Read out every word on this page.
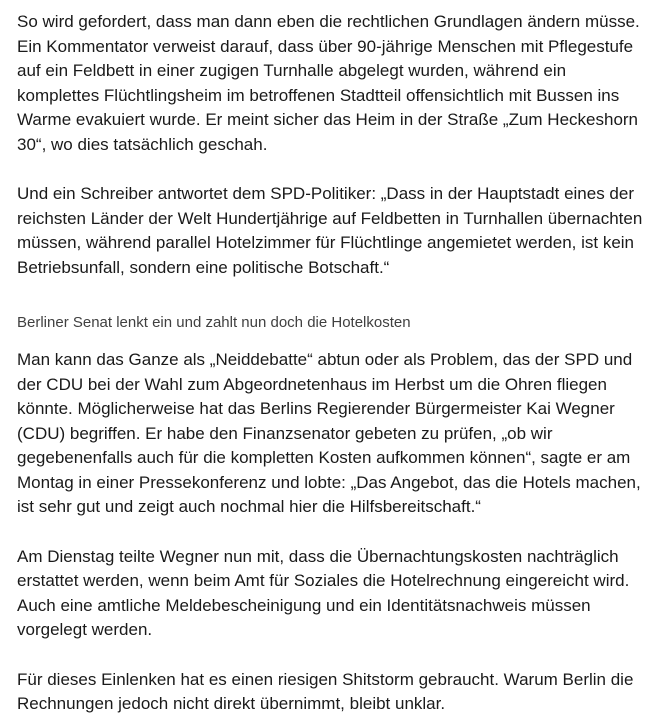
So wird gefordert, dass man dann eben die rechtlichen Grundlagen ändern müsse. Ein Kommentator verweist darauf, dass über 90-jährige Menschen mit Pflegestufe auf ein Feldbett in einer zugigen Turnhalle abgelegt wurden, während ein komplettes Flüchtlingsheim im betroffenen Stadtteil offensichtlich mit Bussen ins Warme evakuiert wurde. Er meint sicher das Heim in der Straße „Zum Heckeshorn 30“, wo dies tatsächlich geschah.

Und ein Schreiber antwortet dem SPD-Politiker: „Dass in der Hauptstadt eines der reichsten Länder der Welt Hundertjährige auf Feldbetten in Turnhallen übernachten müssen, während parallel Hotelzimmer für Flüchtlinge angemietet werden, ist kein Betriebsunfall, sondern eine politische Botschaft.“

Berliner Senat lenkt ein und zahlt nun doch die Hotelkosten

Man kann das Ganze als „Neiddebatte“ abtun oder als Problem, das der SPD und der CDU bei der Wahl zum Abgeordnetenhaus im Herbst um die Ohren fliegen könnte. Möglicherweise hat das Berlins Regierender Bürgermeister Kai Wegner (CDU) begriffen. Er habe den Finanzsenator gebeten zu prüfen, „ob wir gegebenenfalls auch für die kompletten Kosten aufkommen können“, sagte er am Montag in einer Pressekonferenz und lobte: „Das Angebot, das die Hotels machen, ist sehr gut und zeigt auch nochmal hier die Hilfsbereitschaft.“

Am Dienstag teilte Wegner nun mit, dass die Übernachtungskosten nachträglich erstattet werden, wenn beim Amt für Soziales die Hotelrechnung eingereicht wird. Auch eine amtliche Meldebescheinigung und ein Identitätsnachweis müssen vorgelegt werden.

Für dieses Einlenken hat es einen riesigen Shitstorm gebraucht. Warum Berlin die Rechnungen jedoch nicht direkt übernimmt, bleibt unklar.
